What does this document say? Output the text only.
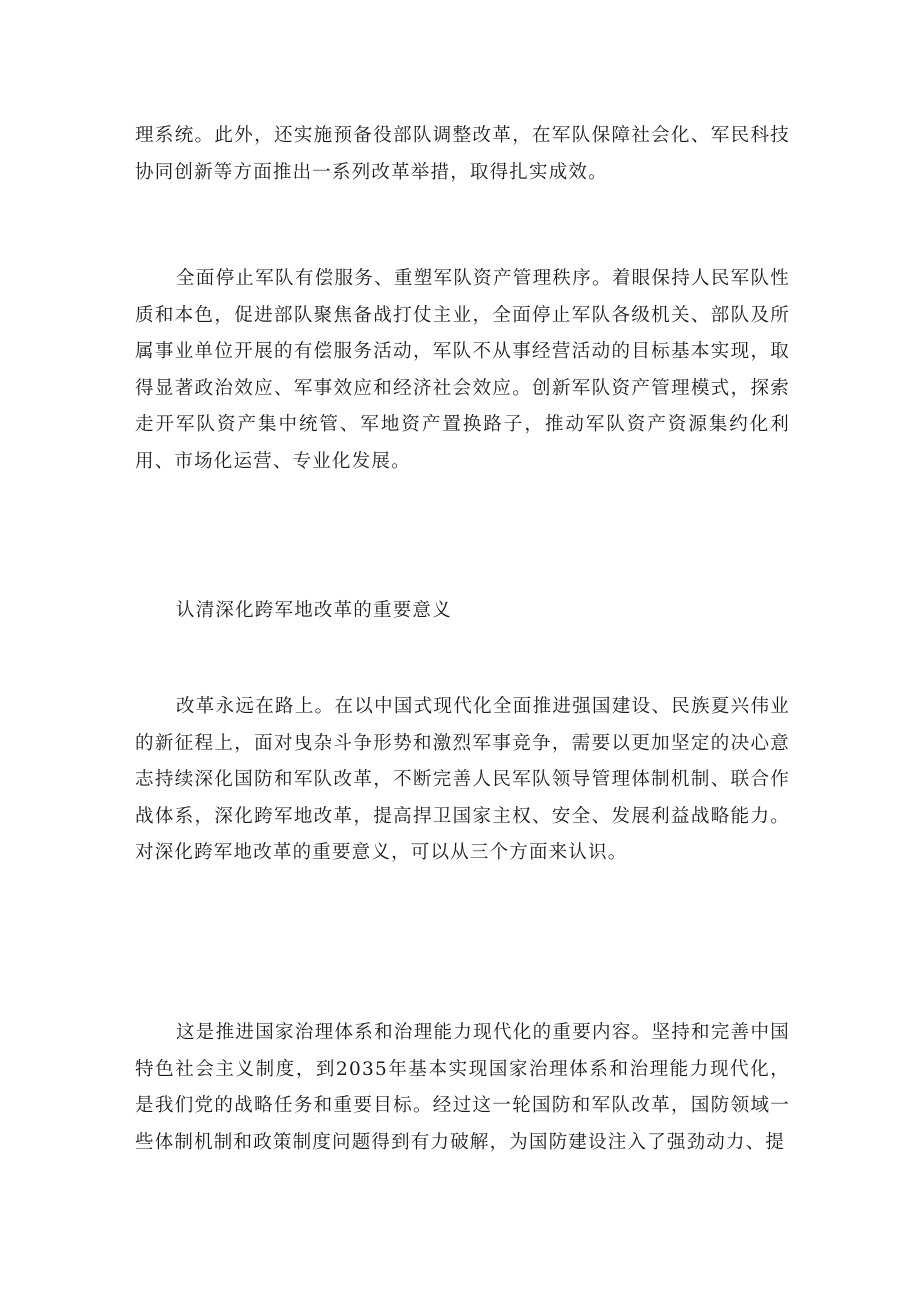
理系统。此外，还实施预备役部队调整改革，在军队保障社会化、军民科技协同创新等方面推出一系列改革举措，取得扎实成效。

全面停止军队有偿服务、重塑军队资产管理秩序。着眼保持人民军队性质和本色，促进部队聚焦备战打仗主业，全面停止军队各级机关、部队及所属事业单位开展的有偿服务活动，军队不从事经营活动的目标基本实现，取得显著政治效应、军事效应和经济社会效应。创新军队资产管理模式，探索走开军队资产集中统管、军地资产置换路子，推动军队资产资源集约化利用、市场化运营、专业化发展。

认清深化跨军地改革的重要意义

改革永远在路上。在以中国式现代化全面推进强国建设、民族夏兴伟业的新征程上，面对曳杂斗争形势和激烈军事竞争，需要以更加坚定的决心意志持续深化国防和军队改革，不断完善人民军队领导管理体制机制、联合作战体系，深化跨军地改革，提高捍卫国家主权、安全、发展利益战略能力。对深化跨军地改革的重要意义，可以从三个方面来认识。

这是推进国家治理体系和治理能力现代化的重要内容。坚持和完善中国特色社会主义制度，到2035年基本实现国家治理体系和治理能力现代化，是我们党的战略任务和重要目标。经过这一轮国防和军队改革，国防领域一些体制机制和政策制度问题得到有力破解，为国防建设注入了强劲动力、提
